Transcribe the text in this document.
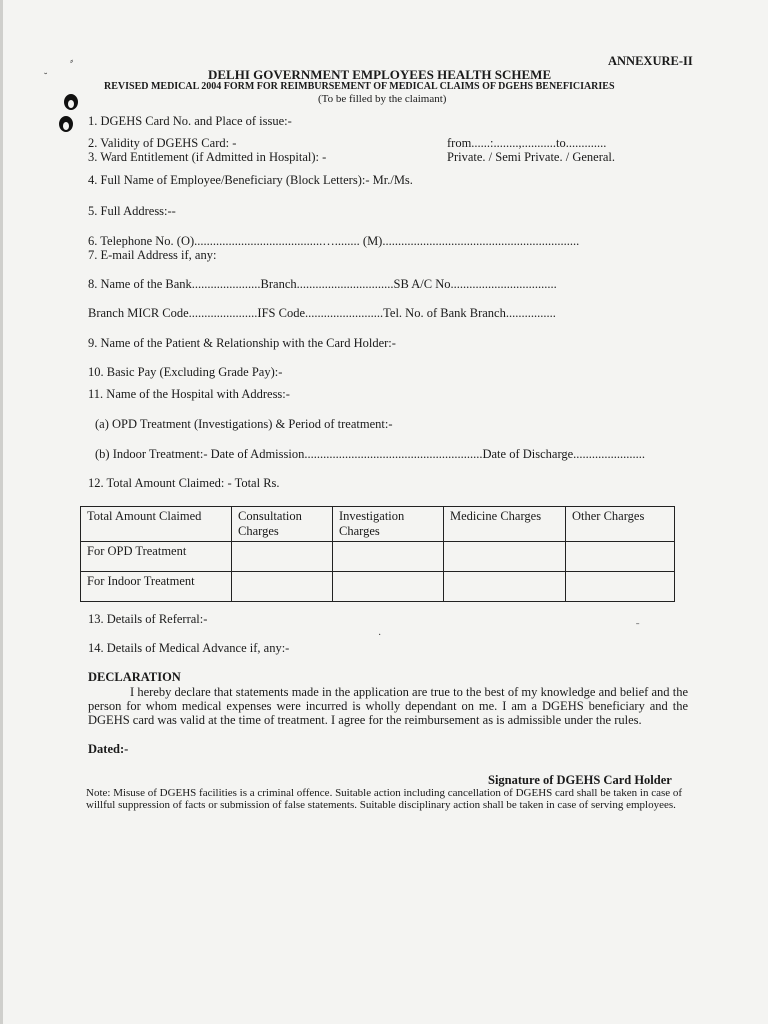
⸗
˘
ANNEXURE-II
DELHI GOVERNMENT EMPLOYEES HEALTH SCHEME
REVISED MEDICAL 2004 FORM FOR REIMBURSEMENT OF MEDICAL CLAIMS OF DGEHS BENEFICIARIES
(To be filled by the claimant)
1. DGEHS Card No. and Place of issue:-
2. Validity of DGEHS Card: -	from......:........,...........to.............
3. Ward Entitlement (if Admitted in Hospital): -	Private. / Semi Private. / General.
4. Full Name of Employee/Beneficiary (Block Letters):- Mr./Ms.
5. Full Address:--
6. Telephone No. (O).........................................…........ (M)...............................................................
7. E-mail Address if, any:
8. Name of the Bank......................Branch...............................SB A/C No..................................
Branch MICR Code......................IFS Code.........................Tel. No. of Bank Branch................
9. Name of the Patient & Relationship with the Card Holder:-
10. Basic Pay (Excluding Grade Pay):-
11. Name of the Hospital with Address:-
(a) OPD Treatment (Investigations) & Period of treatment:-
(b) Indoor Treatment:- Date of Admission.........................................................Date of Discharge.......................
12. Total Amount Claimed: - Total Rs.
Total Amount Claimed	Consultation Charges	Investigation Charges	Medicine Charges	Other Charges
For OPD Treatment				
For Indoor Treatment				
13. Details of Referral:-
14. Details of Medical Advance if, any:-
·
˗
DECLARATION
I hereby declare that statements made in the application are true to the best of my knowledge and belief and the person for whom medical expenses were incurred is wholly dependant on me. I am a DGEHS beneficiary and the DGEHS card was valid at the time of treatment. I agree for the reimbursement as is admissible under the rules.
Dated:-
Signature of DGEHS Card Holder
Note: Misuse of DGEHS facilities is a criminal offence. Suitable action including cancellation of DGEHS card shall be taken in case of willful suppression of facts or submission of false statements. Suitable disciplinary action shall be taken in case of serving employees.
